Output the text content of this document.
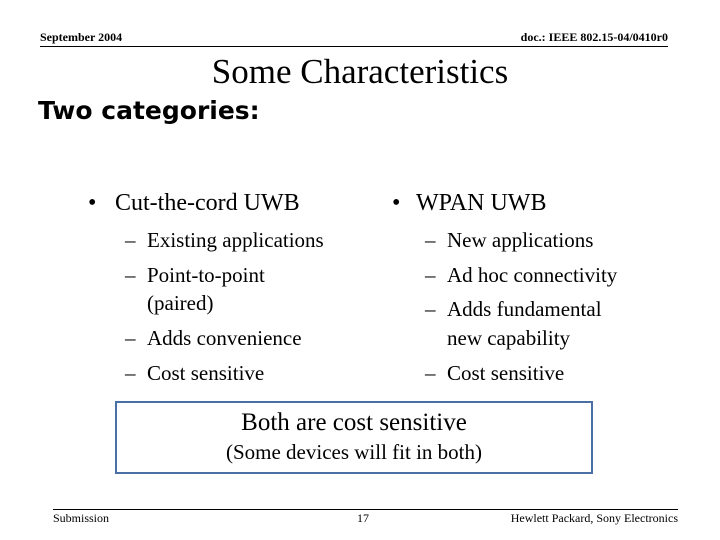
September 2004	doc.: IEEE 802.15-04/0410r0
Some Characteristics
Two categories:
• Cut-the-cord UWB
– Existing applications
– Point-to-point
(paired)
– Adds convenience
– Cost sensitive
• WPAN UWB
– New applications
– Ad hoc connectivity
– Adds fundamental
new capability
– Cost sensitive
Both are cost sensitive
(Some devices will fit in both)
Submission	17	Hewlett Packard, Sony Electronics
